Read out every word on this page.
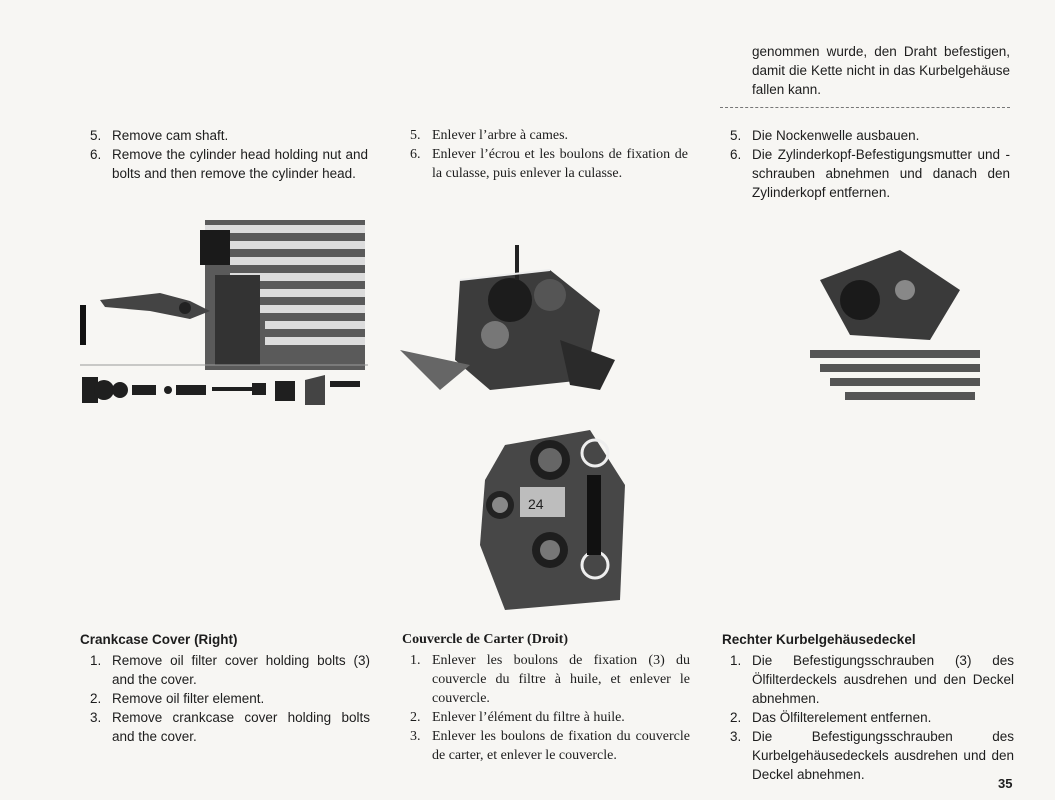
genommen wurde, den Draht befestigen, damit die Kette nicht in das Kurbelgehäuse fallen kann.
5. Remove cam shaft.
6. Remove the cylinder head holding nut and bolts and then remove the cylinder head.
5. Enlever l’arbre à cames.
6. Enlever l’écrou et les boulons de fixation de la culasse, puis enlever la culasse.
5. Die Nockenwelle ausbauen.
6. Die Zylinderkopf-Befestigungsmutter und -schrauben abnehmen und danach den Zylinderkopf entfernen.
24
Crankcase Cover (Right)
1. Remove oil filter cover holding bolts (3) and the cover.
2. Remove oil filter element.
3. Remove crankcase cover holding bolts and the cover.
Couvercle de Carter (Droit)
1. Enlever les boulons de fixation (3) du couvercle du filtre à huile, et enlever le couvercle.
2. Enlever l’élément du filtre à huile.
3. Enlever les boulons de fixation du couvercle de carter, et enlever le couvercle.
Rechter Kurbelgehäusedeckel
1. Die Befestigungsschrauben (3) des Ölfilterdeckels ausdrehen und den Deckel abnehmen.
2. Das Ölfilterelement entfernen.
3. Die Befestigungsschrauben des Kurbelgehäusedeckels ausdrehen und den Deckel abnehmen.
35
